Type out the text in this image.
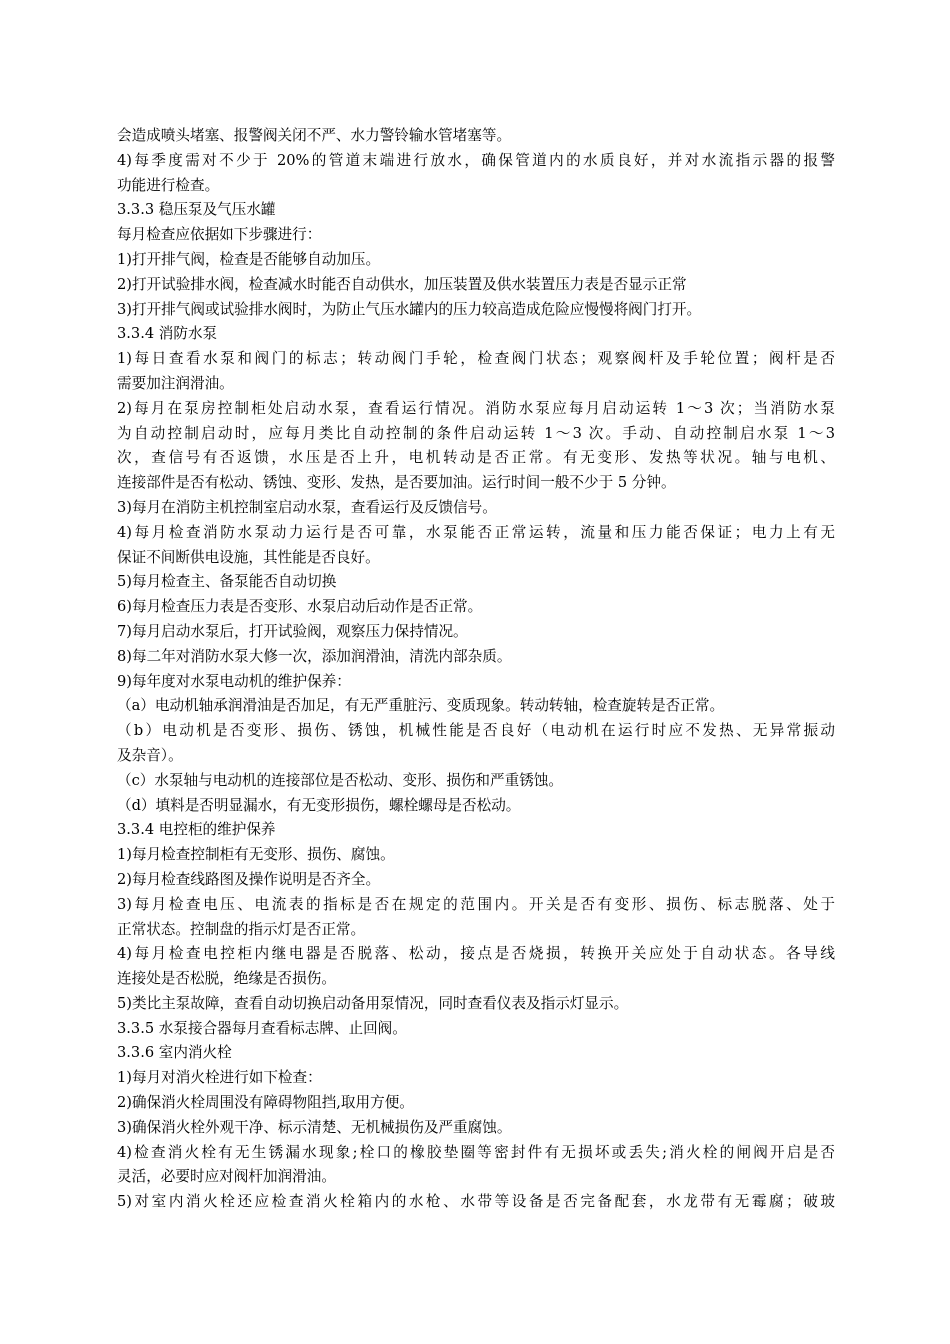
会造成喷头堵塞、报警阀关闭不严、水力警铃输水管堵塞等。
4)每季度需对不少于 20%的管道末端进行放水，确保管道内的水质良好，并对水流指示器的报警
功能进行检查。
3.3.3 稳压泵及气压水罐
每月检查应依据如下步骤进行：
1)打开排气阀，检查是否能够自动加压。
2)打开试验排水阀，检查减水时能否自动供水，加压装置及供水装置压力表是否显示正常
3)打开排气阀或试验排水阀时，为防止气压水罐内的压力较高造成危险应慢慢将阀门打开。
3.3.4 消防水泵
1)每日查看水泵和阀门的标志；转动阀门手轮，检查阀门状态；观察阀杆及手轮位置；阀杆是否
需要加注润滑油。
2)每月在泵房控制柜处启动水泵，查看运行情况。消防水泵应每月启动运转 1～3 次；当消防水泵
为自动控制启动时，应每月类比自动控制的条件启动运转 1～3 次。手动、自动控制启水泵 1～3
次，查信号有否返馈，水压是否上升，电机转动是否正常。有无变形、发热等状况。轴与电机、
连接部件是否有松动、锈蚀、变形、发热，是否要加油。运行时间一般不少于 5 分钟。
3)每月在消防主机控制室启动水泵，查看运行及反馈信号。
4)每月检查消防水泵动力运行是否可靠，水泵能否正常运转，流量和压力能否保证；电力上有无
保证不间断供电设施，其性能是否良好。
5)每月检查主、备泵能否自动切换
6)每月检查压力表是否变形、水泵启动后动作是否正常。
7)每月启动水泵后，打开试验阀，观察压力保持情况。
8)每二年对消防水泵大修一次，添加润滑油，清洗内部杂质。
9)每年度对水泵电动机的维护保养：
（a）电动机轴承润滑油是否加足，有无严重脏污、变质现象。转动转轴，检查旋转是否正常。
（b）电动机是否变形、损伤、锈蚀，机械性能是否良好（电动机在运行时应不发热、无异常振动
及杂音）。
（c）水泵轴与电动机的连接部位是否松动、变形、损伤和严重锈蚀。
（d）填料是否明显漏水，有无变形损伤，螺栓螺母是否松动。
3.3.4 电控柜的维护保养
1)每月检查控制柜有无变形、损伤、腐蚀。
2)每月检查线路图及操作说明是否齐全。
3)每月检查电压、电流表的指标是否在规定的范围内。开关是否有变形、损伤、标志脱落、处于
正常状态。控制盘的指示灯是否正常。
4)每月检查电控柜内继电器是否脱落、松动，接点是否烧损，转换开关应处于自动状态。各导线
连接处是否松脱，绝缘是否损伤。
5)类比主泵故障，查看自动切换启动备用泵情况，同时查看仪表及指示灯显示。
3.3.5 水泵接合器每月查看标志牌、止回阀。
3.3.6 室内消火栓
1)每月对消火栓进行如下检查：
2)确保消火栓周围没有障碍物阻挡,取用方便。
3)确保消火栓外观干净、标示清楚、无机械损伤及严重腐蚀。
4)检查消火栓有无生锈漏水现象;栓口的橡胶垫圈等密封件有无损坏或丢失;消火栓的闸阀开启是否
灵活，必要时应对阀杆加润滑油。
5)对室内消火栓还应检查消火栓箱内的水枪、水带等设备是否完备配套，水龙带有无霉腐；破玻
